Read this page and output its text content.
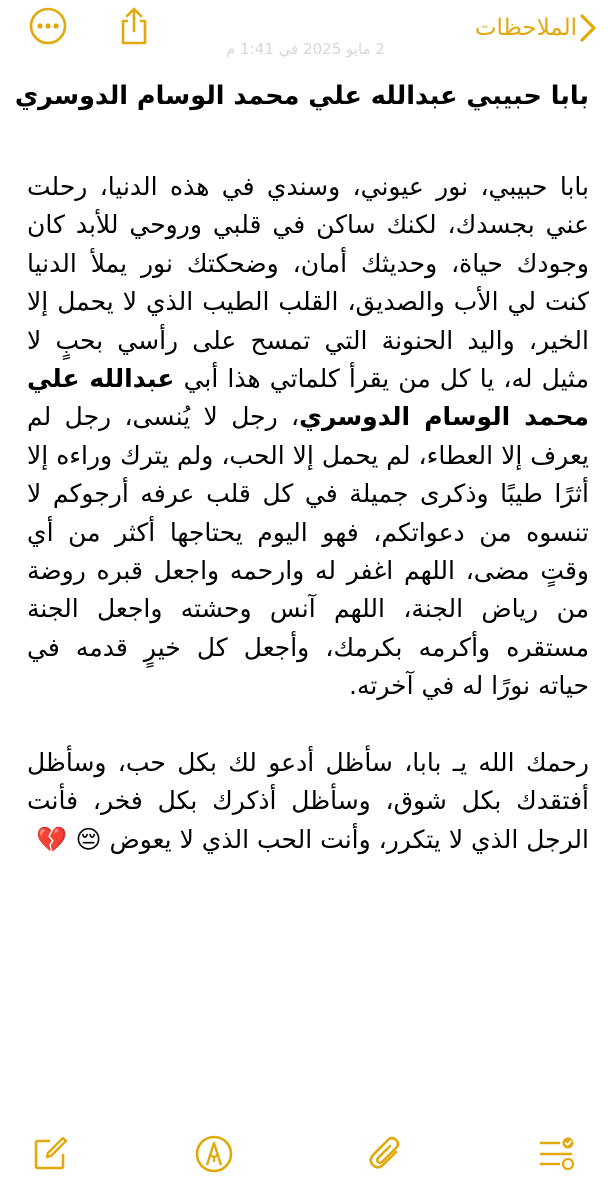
الملاحظات
2 مايو 2025 في 1:41 م
بابا حبيبي عبدالله علي محمد الوسام الدوسري

بابا حبيبي، نور عيوني، وسندي في هذه الدنيا، رحلت عني بجسدك، لكنك ساكن في قلبي وروحي للأبد كان وجودك حياة، وحديثك أمان، وضحكتك نور يملأ الدنيا كنت لي الأب والصديق، القلب الطيب الذي لا يحمل إلا الخير، واليد الحنونة التي تمسح على رأسي بحبٍ لا مثيل له، يا كل من يقرأ كلماتي هذا أبي عبدالله علي محمد الوسام الدوسري، رجل لا يُنسى، رجل لم يعرف إلا العطاء، لم يحمل إلا الحب، ولم يترك وراءه إلا أثرًا طيبًا وذكرى جميلة في كل قلب عرفه أرجوكم لا تنسوه من دعواتكم، فهو اليوم يحتاجها أكثر من أي وقتٍ مضى، اللهم اغفر له وارحمه واجعل قبره روضة من رياض الجنة، اللهم آنس وحشته واجعل الجنة مستقره وأكرمه بكرمك، وأجعل كل خيرٍ قدمه في حياته نورًا له في آخرته.

رحمك الله يـ بابا، سأظل أدعو لك بكل حب، وسأظل أفتقدك بكل شوق، وسأظل أذكرك بكل فخر، فأنت الرجل الذي لا يتكرر، وأنت الحب الذي لا يعوض 😔 💔
